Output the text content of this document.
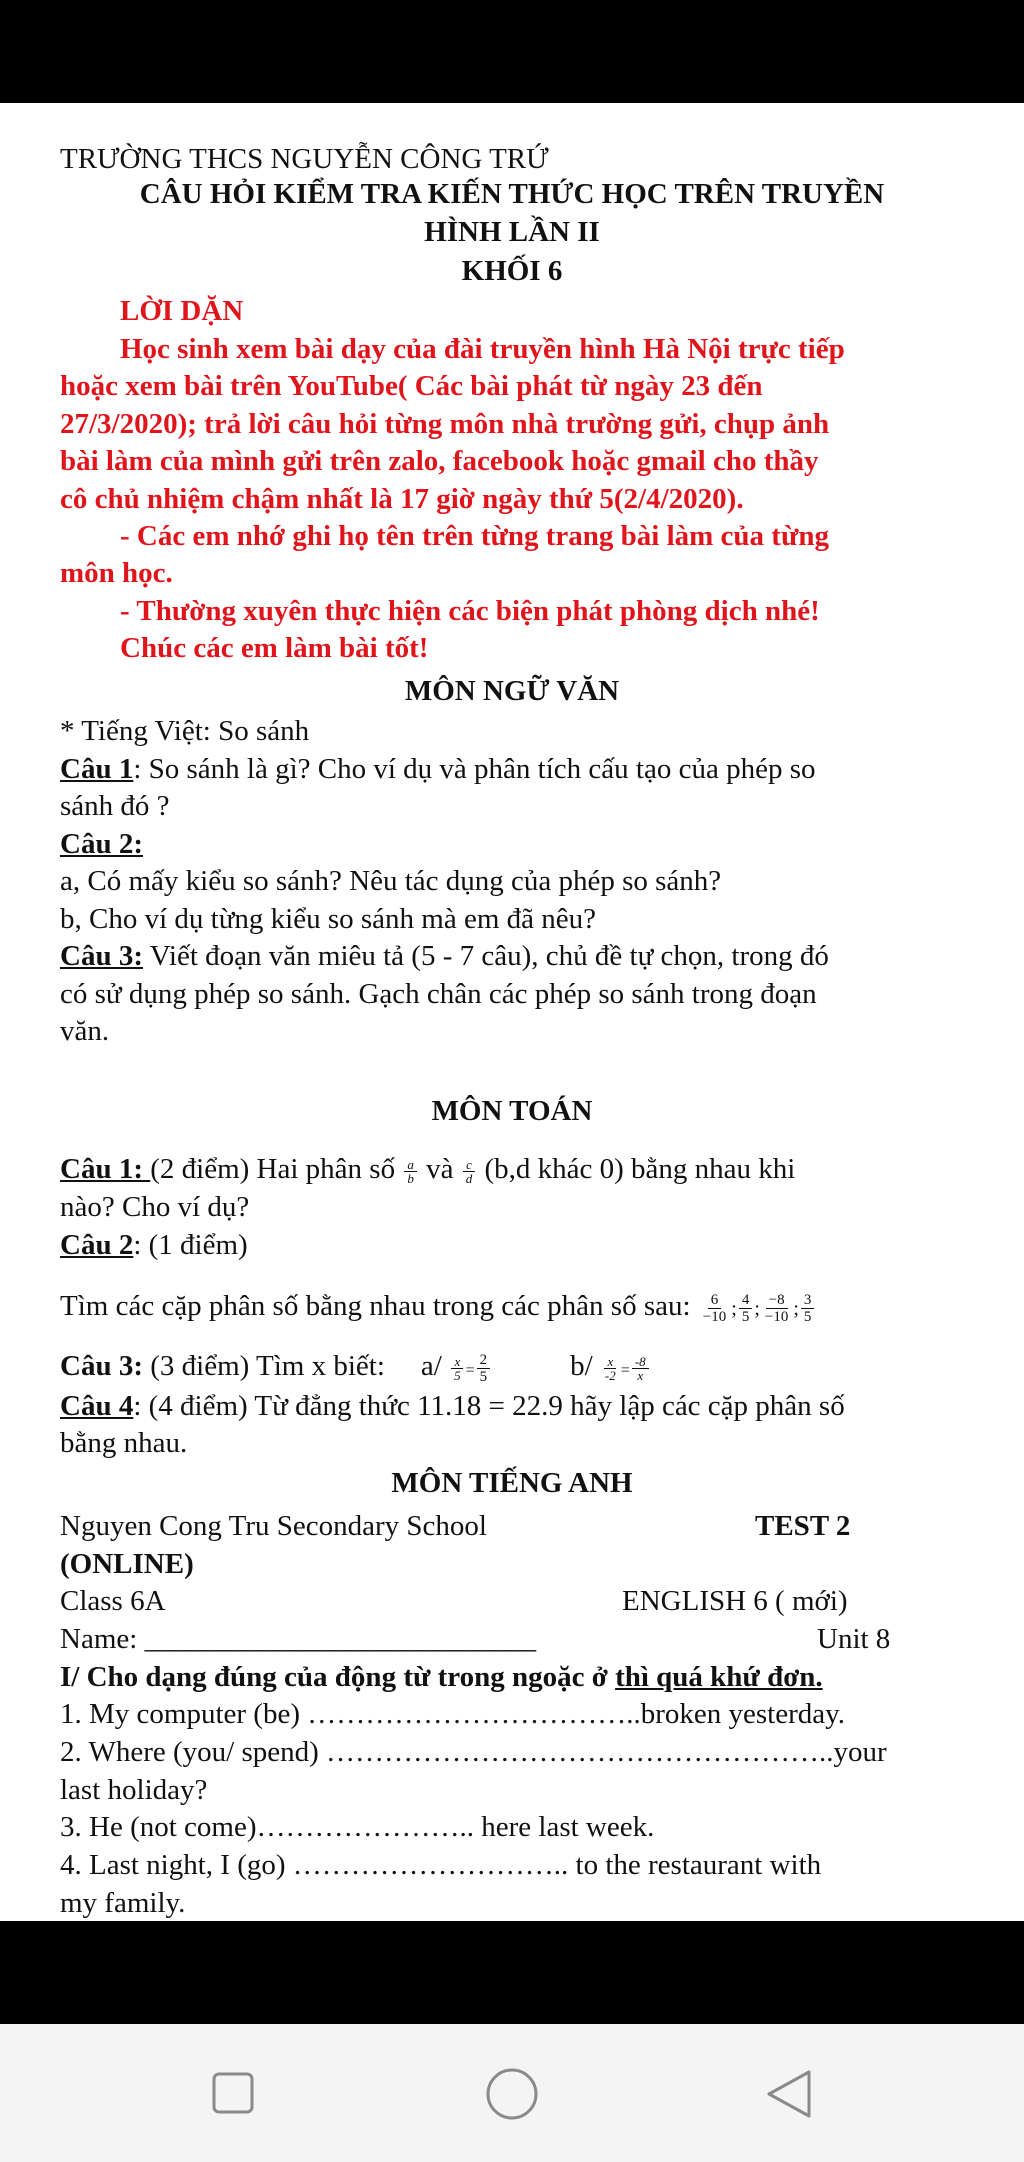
TRƯỜNG THCS NGUYỄN CÔNG TRỨ
CÂU HỎI KIỂM TRA KIẾN THỨC HỌC TRÊN TRUYỀN
HÌNH LẦN II
KHỐI 6
LỜI DẶN
Học sinh xem bài dạy của đài truyền hình Hà Nội trực tiếp
hoặc xem bài trên YouTube( Các bài phát từ ngày 23 đến
27/3/2020); trả lời câu hỏi từng môn nhà trường gửi, chụp ảnh
bài làm của mình gửi trên zalo, facebook hoặc gmail cho thầy
cô chủ nhiệm chậm nhất là 17 giờ ngày thứ 5(2/4/2020).
- Các em nhớ ghi họ tên trên từng trang bài làm của từng
môn học.
- Thường xuyên thực hiện các biện phát phòng dịch nhé!
Chúc các em làm bài tốt!
MÔN NGỮ VĂN
* Tiếng Việt: So sánh
Câu 1: So sánh là gì? Cho ví dụ và phân tích cấu tạo của phép so
sánh đó ?
Câu 2:
a, Có mấy kiểu so sánh? Nêu tác dụng của phép so sánh?
b, Cho ví dụ từng kiểu so sánh mà em đã nêu?
Câu 3: Viết đoạn văn miêu tả (5 - 7 câu), chủ đề tự chọn, trong đó
có sử dụng phép so sánh. Gạch chân các phép so sánh trong đoạn
văn.
MÔN TOÁN
Câu 1: (2 điểm) Hai phân số $\frac{a}{b}$ và $\frac{c}{d} (b,d$ khác 0) bằng nhau khi
nào? Cho ví dụ?
Câu 2: (1 điểm)
Tìm các cặp phân số bằng nhau trong các phân số sau: $\frac{6}{-10}$ ; $\frac{4}{5}$ ; $\frac{-8}{-10}$ ; $\frac{3}{5}$
Câu 3: (3 điểm) Tìm x biết: $a/ \frac{x}{5} = \frac{2}{5}$	$b/ \frac{x}{-2} = \frac{-8}{x}$
Câu 4: (4 điểm) Từ đẳng thức 11.18 = 22.9 hãy lập các cặp phân số
bằng nhau.
MÔN TIẾNG ANH
Nguyen Cong Tru Secondary School	TEST 2
(ONLINE)
Class 6A	ENGLISH 6 ( mới)
Name: ___________________________	Unit 8
I/ Cho dạng đúng của động từ trong ngoặc ở thì quá khứ đơn.
1. My computer (be) ……………………………..broken yesterday.
2. Where (you/ spend) ……………………………………………..your
last holiday?
3. He (not come)………………….. here last week.
4. Last night, I (go) ……………………….. to the restaurant with
my family.
